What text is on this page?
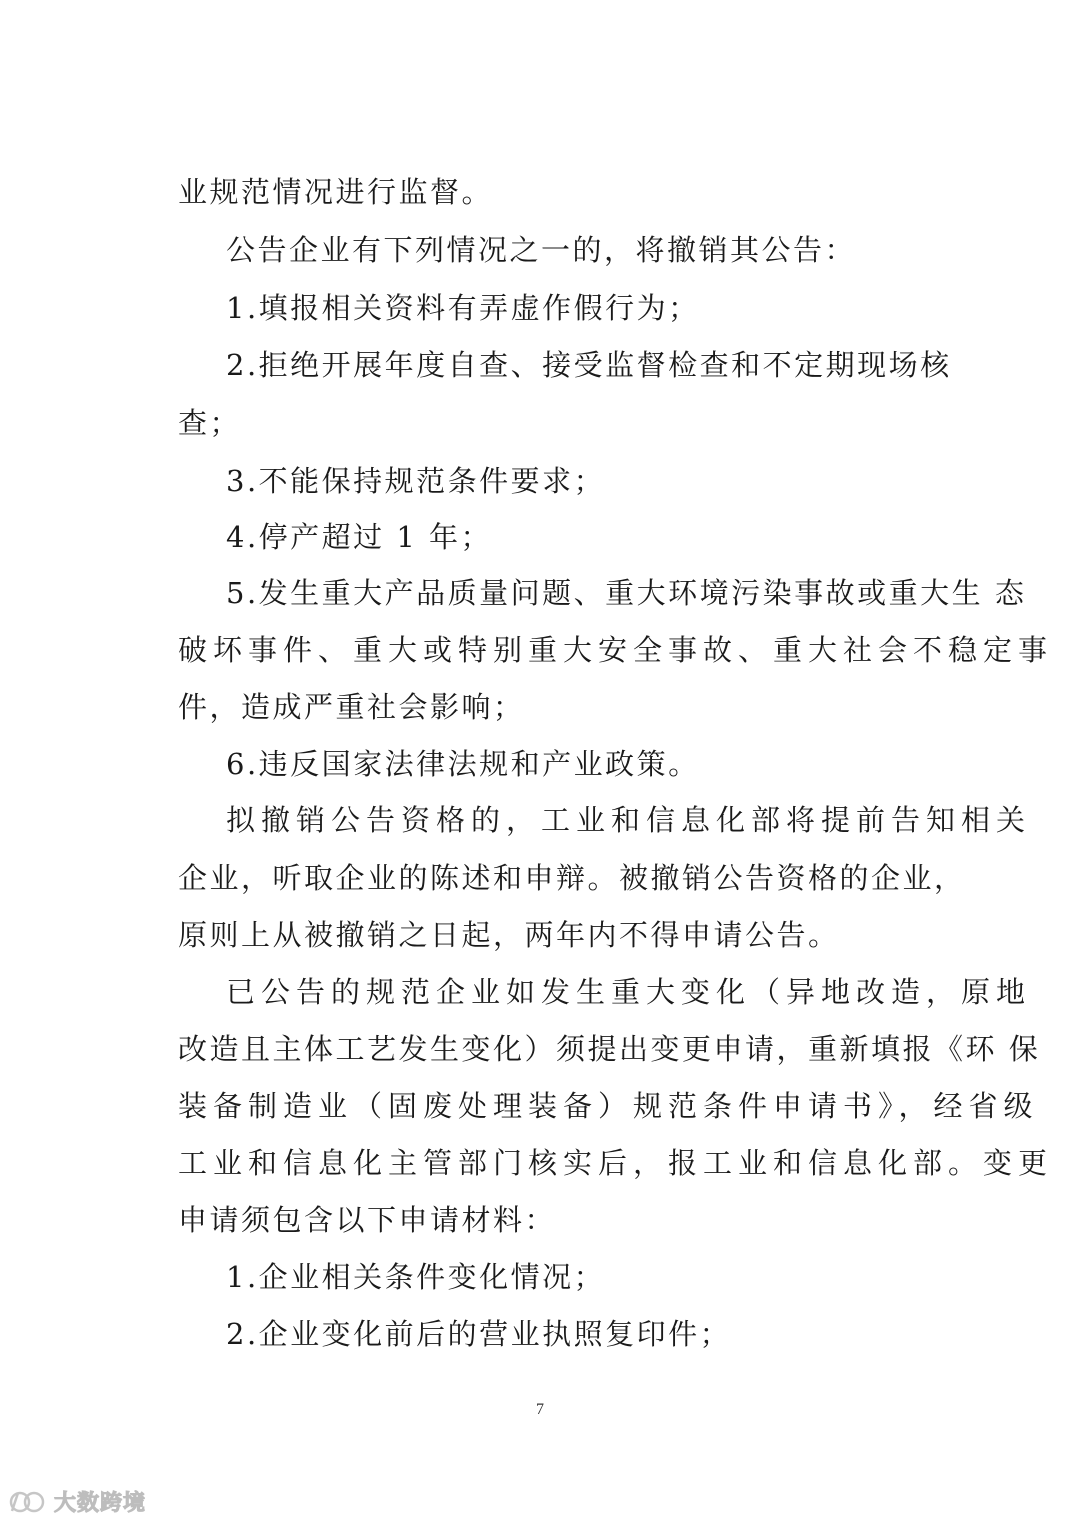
业规范情况进行监督。
公告企业有下列情况之一的，将撤销其公告：
1.填报相关资料有弄虚作假行为；
2.拒绝开展年度自查、接受监督检查和不定期现场核
查；
3.不能保持规范条件要求；
4.停产超过 1 年；
5.发生重大产品质量问题、重大环境污染事故或重大生 态
破坏事件、重大或特别重大安全事故、重大社会不稳定事
件，造成严重社会影响；
6.违反国家法律法规和产业政策。
拟撤销公告资格的，工业和信息化部将提前告知相关
企业，听取企业的陈述和申辩。被撤销公告资格的企业，
原则上从被撤销之日起，两年内不得申请公告。
已公告的规范企业如发生重大变化（异地改造，原地
改造且主体工艺发生变化）须提出变更申请，重新填报《环 保
装备制造业（固废处理装备）规范条件申请书》，经省级
工业和信息化主管部门核实后，报工业和信息化部。变更
申请须包含以下申请材料：
1.企业相关条件变化情况；
2.企业变化前后的营业执照复印件；
7
大数跨境
